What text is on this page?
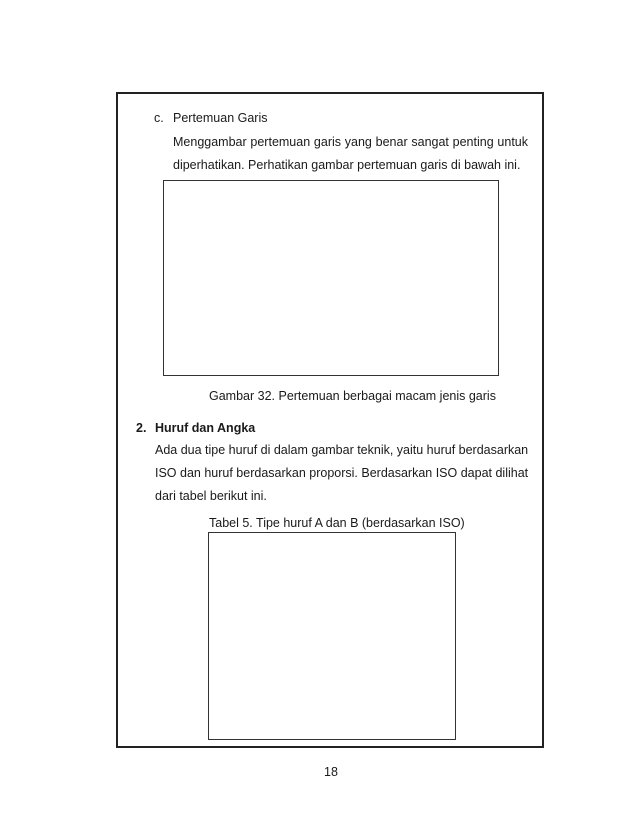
c. Pertemuan Garis
Menggambar pertemuan garis yang benar sangat penting untuk
diperhatikan. Perhatikan gambar pertemuan garis di bawah ini.
Gambar 32. Pertemuan berbagai macam jenis garis
2. Huruf dan Angka
Ada dua tipe huruf di dalam gambar teknik, yaitu huruf berdasarkan
ISO dan huruf berdasarkan proporsi. Berdasarkan ISO dapat dilihat
dari tabel berikut ini.
Tabel 5. Tipe huruf A dan B (berdasarkan ISO)
18
